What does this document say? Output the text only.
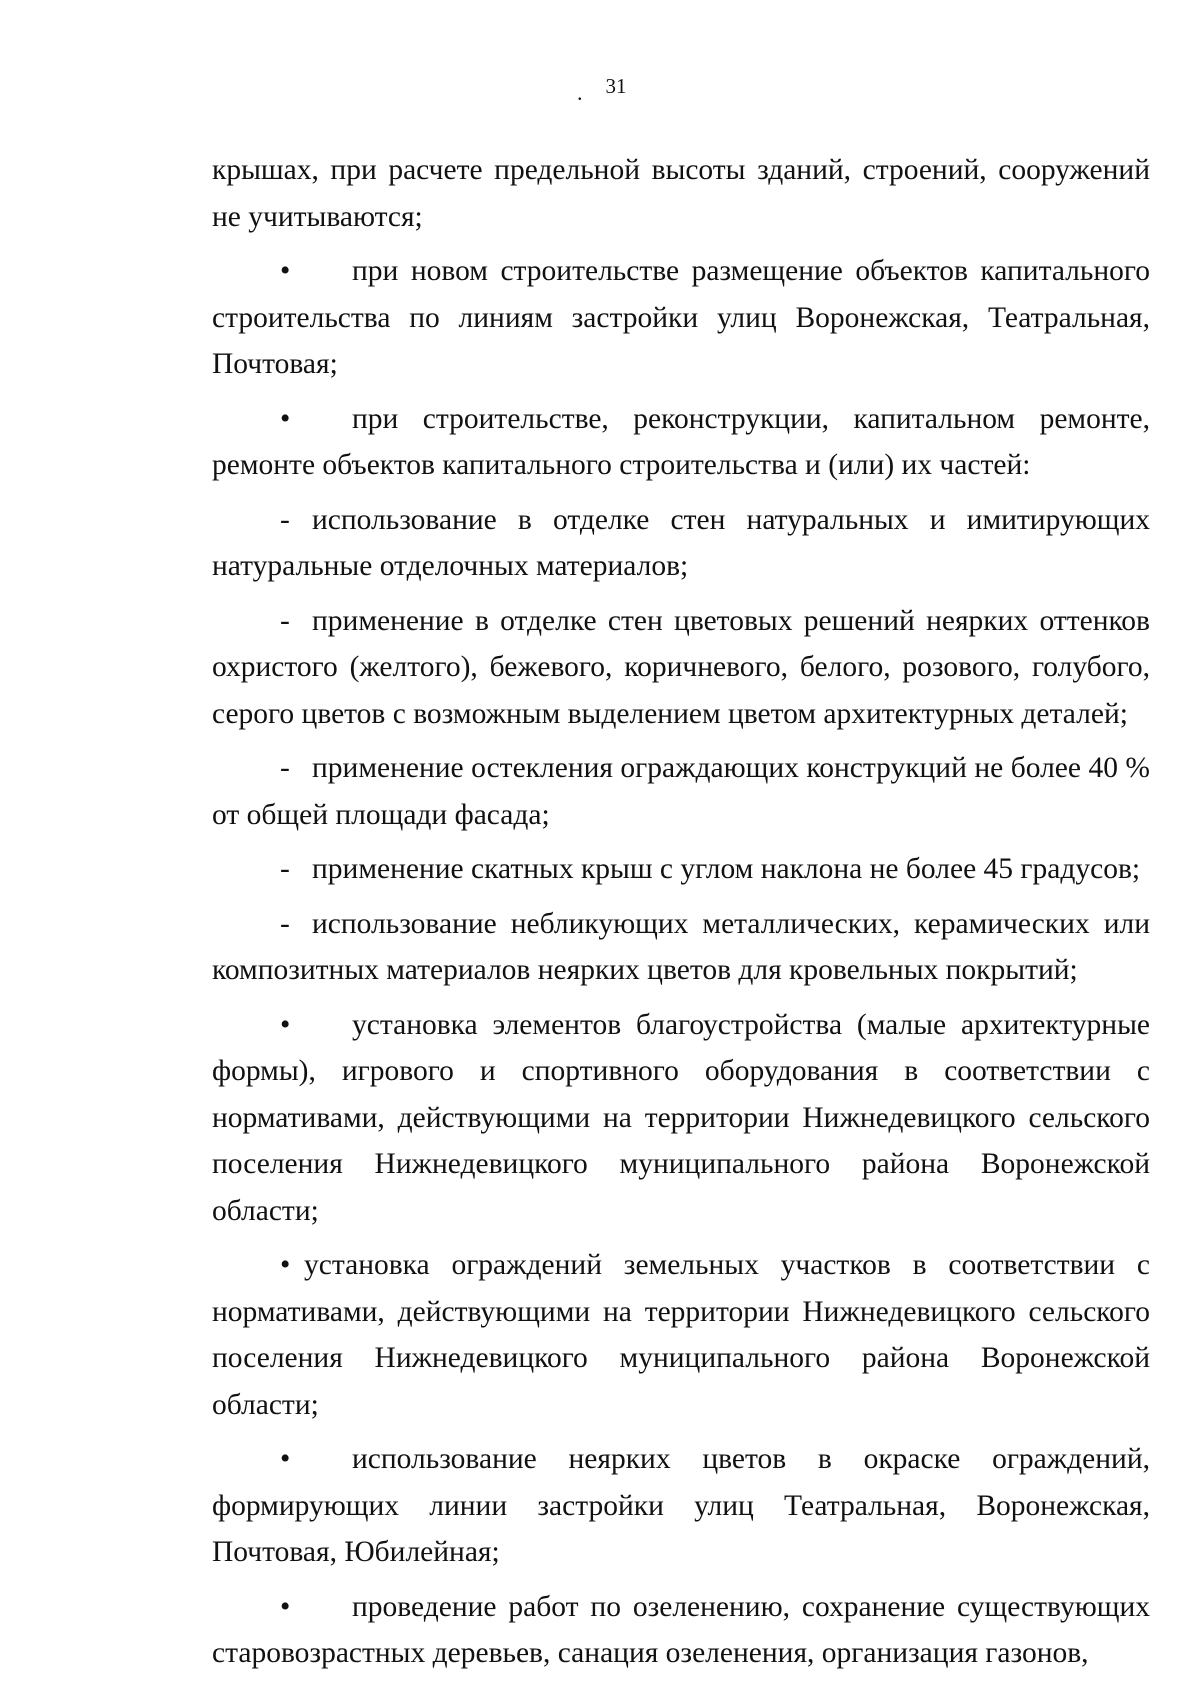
.	31

крышах, при расчете предельной высоты зданий, строений, сооружений не учитываются;

• при новом строительстве размещение объектов капитального строительства по линиям застройки улиц Воронежская, Театральная, Почтовая;

• при строительстве, реконструкции, капитальном ремонте, ремонте объектов капитального строительства и (или) их частей:

- использование в отделке стен натуральных и имитирующих натуральные отделочных материалов;

- применение в отделке стен цветовых решений неярких оттенков охристого (желтого), бежевого, коричневого, белого, розового, голубого, серого цветов с возможным выделением цветом архитектурных деталей;

- применение остекления ограждающих конструкций не более 40 % от общей площади фасада;

- применение скатных крыш с углом наклона не более 45 градусов;

- использование небликующих металлических, керамических или композитных материалов неярких цветов для кровельных покрытий;

• установка элементов благоустройства (малые архитектурные формы), игрового и спортивного оборудования в соответствии с нормативами, действующими на территории Нижнедевицкого сельского поселения Нижнедевицкого муниципального района Воронежской области;

• установка ограждений земельных участков в соответствии с нормативами, действующими на территории Нижнедевицкого сельского поселения Нижнедевицкого муниципального района Воронежской области;

• использование неярких цветов в окраске ограждений, формирующих линии застройки улиц Театральная, Воронежская, Почтовая, Юбилейная;

• проведение работ по озеленению, сохранение существующих старовозрастных деревьев, санация озеленения, организация газонов,
